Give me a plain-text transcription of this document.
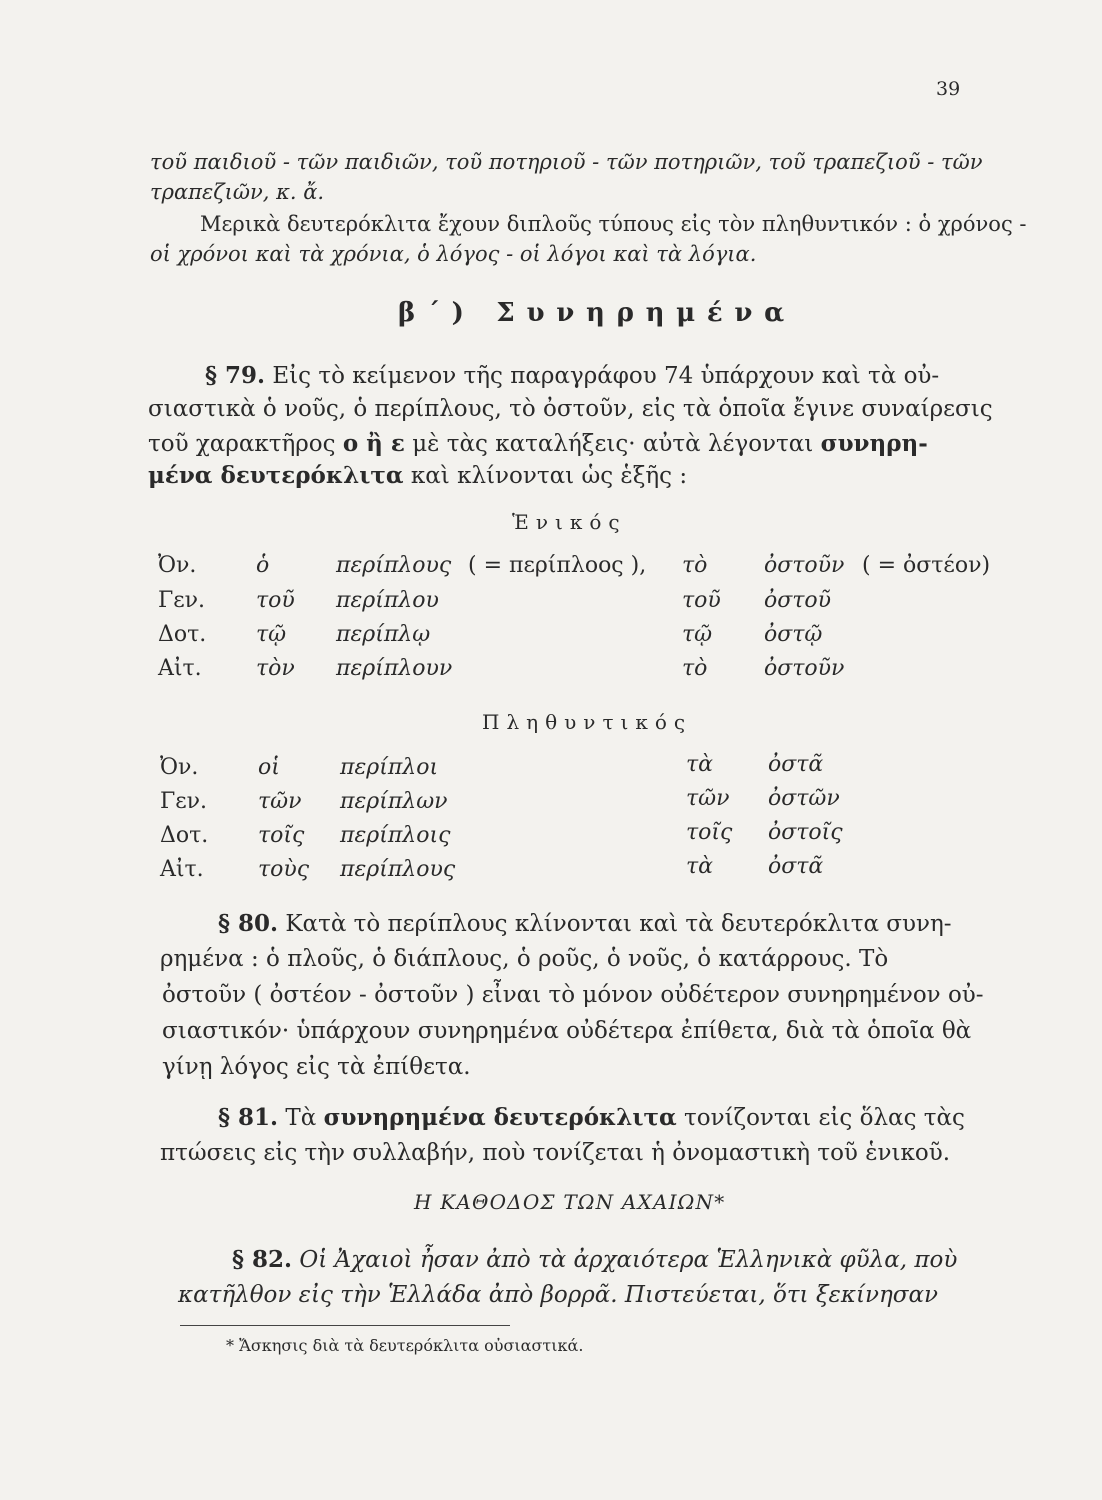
39
τοῦ παιδιοῦ - τῶν παιδιῶν, τοῦ ποτηριοῦ - τῶν ποτηριῶν, τοῦ τραπεζιοῦ - τῶν
τραπεζιῶν, κ. ἄ.
Μερικὰ δευτερόκλιτα ἔχουν διπλοῦς τύπους εἰς τὸν πληθυντικόν : ὁ χρόνος -
οἱ χρόνοι καὶ τὰ χρόνια, ὁ λόγος - οἱ λόγοι καὶ τὰ λόγια.
β΄) Συνηρημένα
§ 79. Εἰς τὸ κείμενον τῆς παραγράφου 74 ὑπάρχουν καὶ τὰ οὐ-
σιαστικὰ ὁ νοῦς, ὁ περίπλους, τὸ ὀστοῦν, εἰς τὰ ὁποῖα ἔγινε συναίρεσις
τοῦ χαρακτῆρος ο ἢ ε μὲ τὰς καταλήξεις· αὐτὰ λέγονται συνηρη-
μένα δευτερόκλιτα καὶ κλίνονται ὡς ἑξῆς :
Ἑνικός
Ὀν.	ὁ	περίπλους ( = περίπλοος ), τὸ	ὀστοῦν ( = ὀστέον)
Γεν. τοῦ περίπλου	τοῦ ὀστοῦ
Δοτ. τῷ περίπλῳ	τῷ ὀστῷ
Αἰτ. τὸν περίπλουν	τὸ	ὀστοῦν
Πληθυντικός
Ὀν.	οἱ	περίπλοι	τὰ ὀστᾶ
Γεν. τῶν περίπλων	τῶν ὀστῶν
Δοτ. τοῖς περίπλοις	τοῖς ὀστοῖς
Αἰτ. τοὺς περίπλους	τὰ ὀστᾶ
§ 80. Κατὰ τὸ περίπλους κλίνονται καὶ τὰ δευτερόκλιτα συνη-
ρημένα : ὁ πλοῦς, ὁ διάπλους, ὁ ροῦς, ὁ νοῦς, ὁ κατάρρους. Τὸ
ὀστοῦν ( ὀστέον - ὀστοῦν ) εἶναι τὸ μόνον οὐδέτερον συνηρημένον οὐ-
σιαστικόν· ὑπάρχουν συνηρημένα οὐδέτερα ἐπίθετα, διὰ τὰ ὁποῖα θὰ
γίνῃ λόγος εἰς τὰ ἐπίθετα.
§ 81. Τὰ συνηρημένα δευτερόκλιτα τονίζονται εἰς ὅλας τὰς
πτώσεις εἰς τὴν συλλαβήν, ποὺ τονίζεται ἡ ὀνομαστικὴ τοῦ ἑνικοῦ.
Η ΚΑΘΟΔΟΣ ΤΩΝ ΑΧΑΙΩΝ*
§ 82. Οἱ Ἀχαιοὶ ἦσαν ἀπὸ τὰ ἀρχαιότερα Ἑλληνικὰ φῦλα, ποὺ
κατῆλθον εἰς τὴν Ἑλλάδα ἀπὸ βορρᾶ. Πιστεύεται, ὅτι ξεκίνησαν
* Ἄσκησις διὰ τὰ δευτερόκλιτα οὐσιαστικά.
